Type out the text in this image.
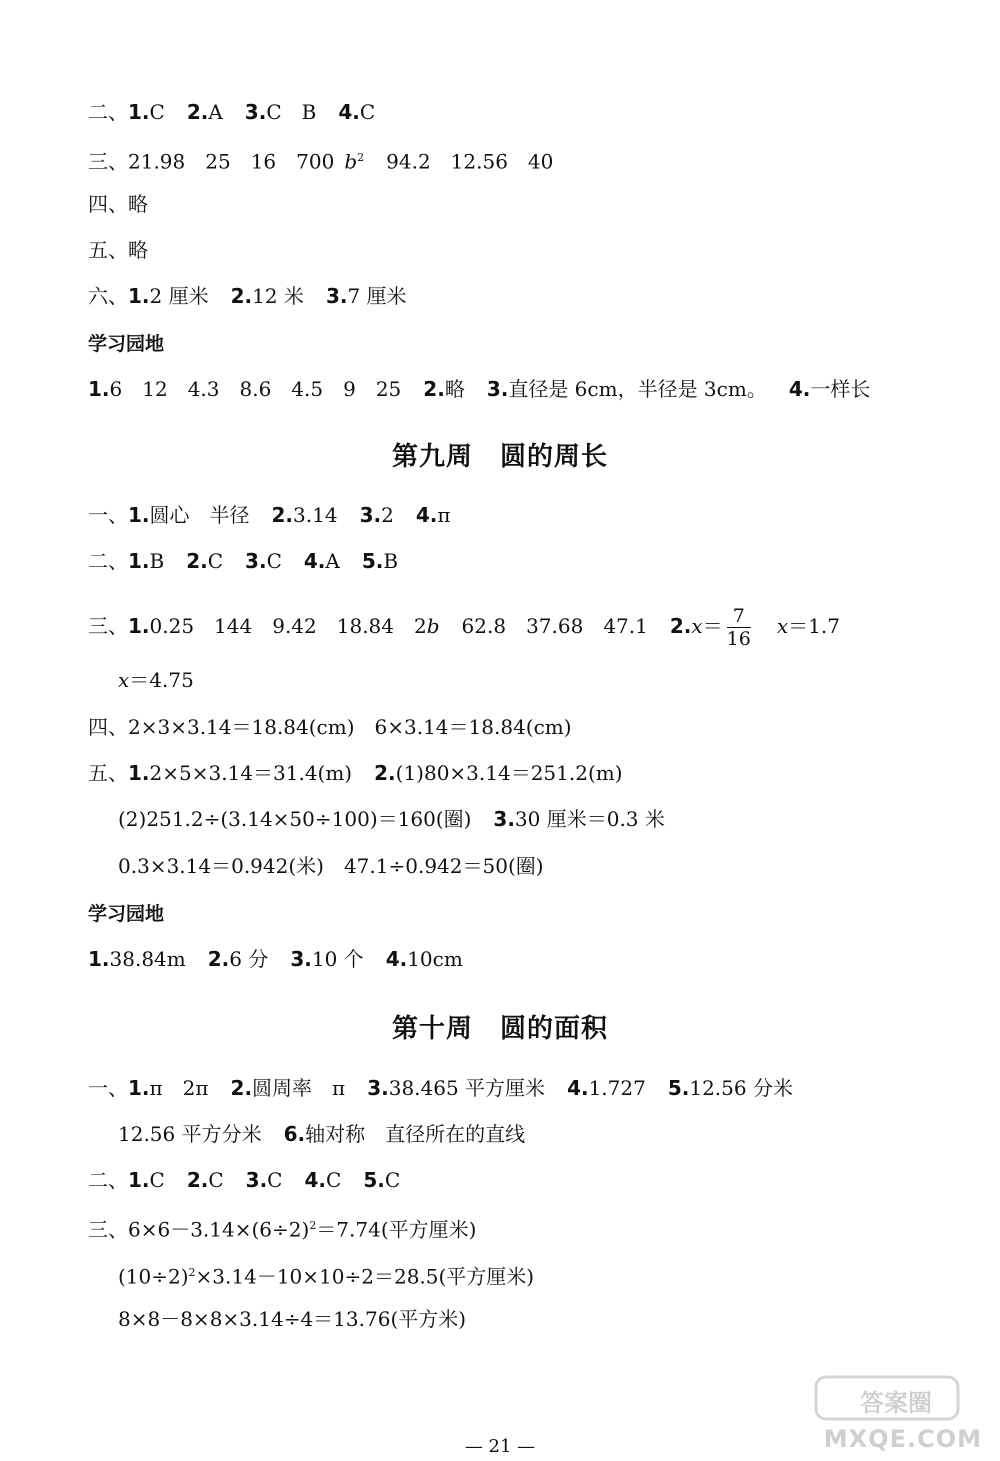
二、1.C 2.A 3.C　B 4.C
三、21.98　25　16　700 $b^2$ 94.2　12.56　40
四、略
五、略
六、1.2 厘米 2.12 米 3.7 厘米
学习园地
1.6　12　4.3　8.6　4.5　9　25 2.略 3.直径是 6cm，半径是 3cm。 4.一样长
第九周　圆的周长
一、1.圆心　半径 2.3.14 3.2 4.π
二、1.B 2.C 3.C 4.A 5.B
三、1.0.25　144　9.42　18.84　2b 62.8　37.68　47.1 $2.x= \frac{7}{16} x=1.7$
x＝4.75
四、2×3×3.14＝18.84(cm)　6×3.14＝18.84(cm)
五、1.2×5×3.14＝31.4(m) 2.(1)80×3.14＝251.2(m)
(2)251.2÷(3.14×50÷100)＝160(圈) 3.30 厘米＝0.3 米
0.3×3.14＝0.942(米)　47.1÷0.942＝50(圈)
学习园地
1.38.84m 2.6 分 3.10 个 4.10cm
第十周　圆的面积
一、1.π　2π 2.圆周率　π 3.38.465 平方厘米 4.1.727 5.12.56 分米
12.56 平方分米 6.轴对称　直径所在的直线
二、1.C 2.C 3.C 4.C 5.C
三、$6\times 6-3.14\times(6\div 2)^2=7.74$(平方厘米)
$(10\div 2)^2\times 3.14-10\times 10\div 2=28.5$(平方厘米)
8×8－8×8×3.14÷4＝13.76(平方米)
— 21 —
答案圈
MXQE.COM
